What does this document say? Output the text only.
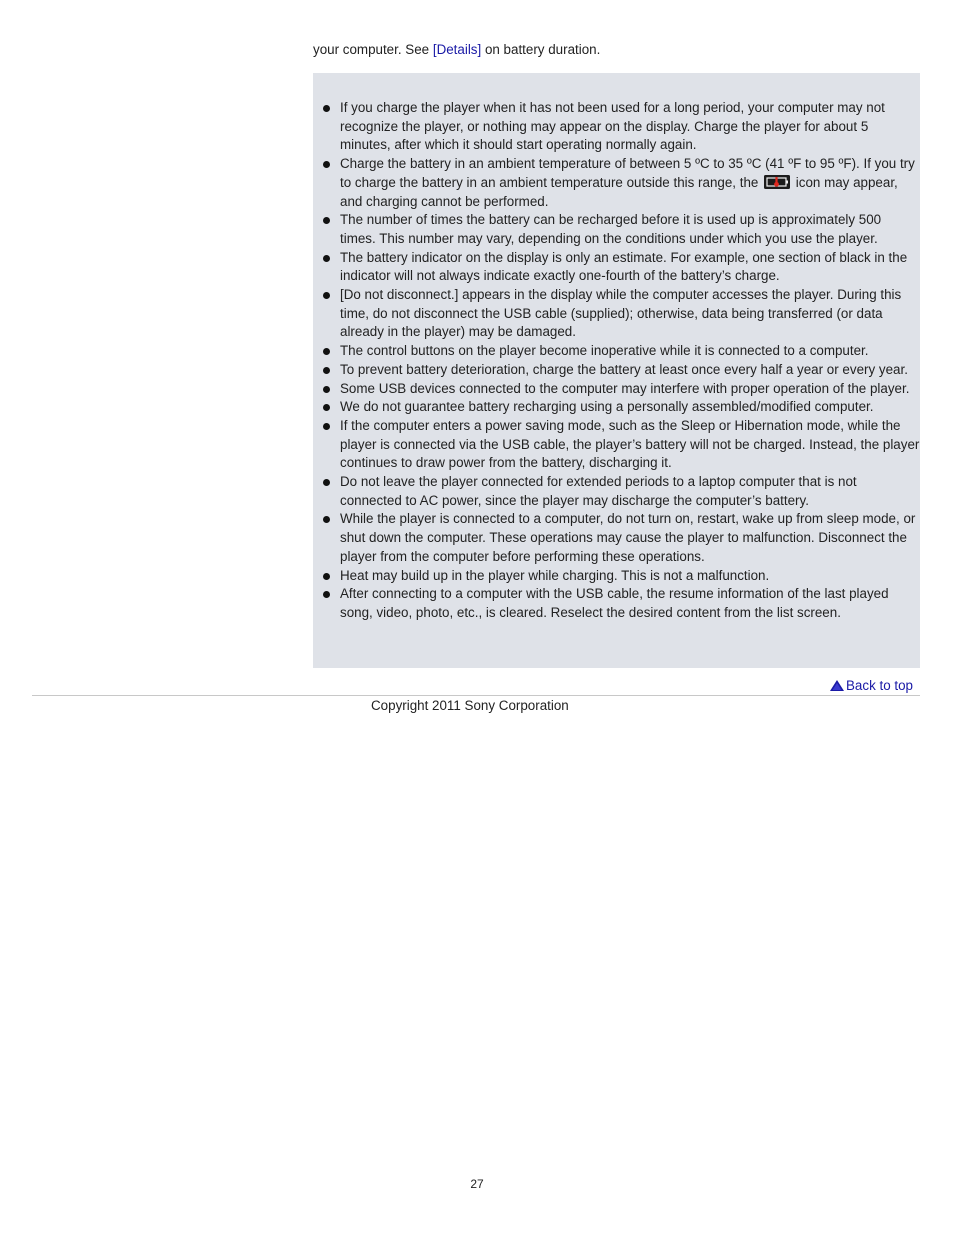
your computer. See [Details] on battery duration.
If you charge the player when it has not been used for a long period, your computer may not recognize the player, or nothing may appear on the display. Charge the player for about 5 minutes, after which it should start operating normally again.
Charge the battery in an ambient temperature of between 5 ºC to 35 ºC (41 ºF to 95 ºF). If you try to charge the battery in an ambient temperature outside this range, the  icon may appear, and charging cannot be performed.
The number of times the battery can be recharged before it is used up is approximately 500 times. This number may vary, depending on the conditions under which you use the player.
The battery indicator on the display is only an estimate. For example, one section of black in the indicator will not always indicate exactly one-fourth of the battery’s charge.
[Do not disconnect.] appears in the display while the computer accesses the player. During this time, do not disconnect the USB cable (supplied); otherwise, data being transferred (or data already in the player) may be damaged.
The control buttons on the player become inoperative while it is connected to a computer.
To prevent battery deterioration, charge the battery at least once every half a year or every year.
Some USB devices connected to the computer may interfere with proper operation of the player.
We do not guarantee battery recharging using a personally assembled/modified computer.
If the computer enters a power saving mode, such as the Sleep or Hibernation mode, while the player is connected via the USB cable, the player’s battery will not be charged. Instead, the player continues to draw power from the battery, discharging it.
Do not leave the player connected for extended periods to a laptop computer that is not connected to AC power, since the player may discharge the computer’s battery.
While the player is connected to a computer, do not turn on, restart, wake up from sleep mode, or shut down the computer. These operations may cause the player to malfunction. Disconnect the player from the computer before performing these operations.
Heat may build up in the player while charging. This is not a malfunction.
After connecting to a computer with the USB cable, the resume information of the last played song, video, photo, etc., is cleared. Reselect the desired content from the list screen.
Back to top
Copyright 2011 Sony Corporation
27
